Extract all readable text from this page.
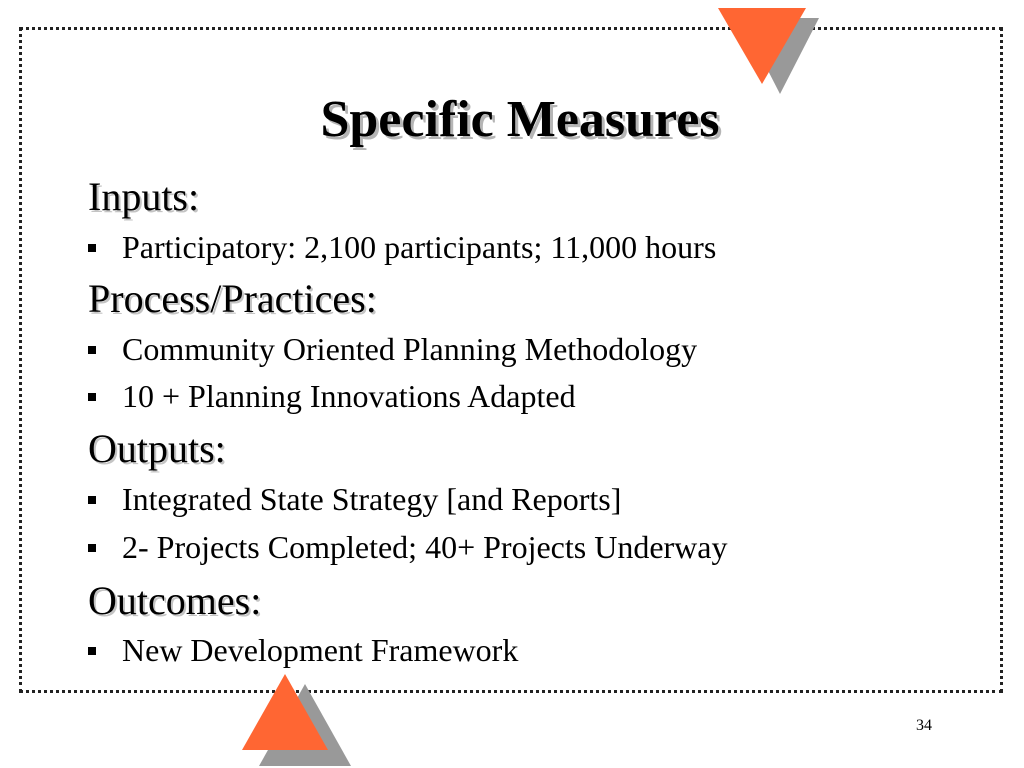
Specific Measures
Inputs:
Participatory: 2,100 participants; 11,000 hours
Process/Practices:
Community Oriented Planning Methodology
10 + Planning Innovations Adapted
Outputs:
Integrated State Strategy [and Reports]
2- Projects Completed; 40+ Projects Underway
Outcomes:
New Development Framework
34
